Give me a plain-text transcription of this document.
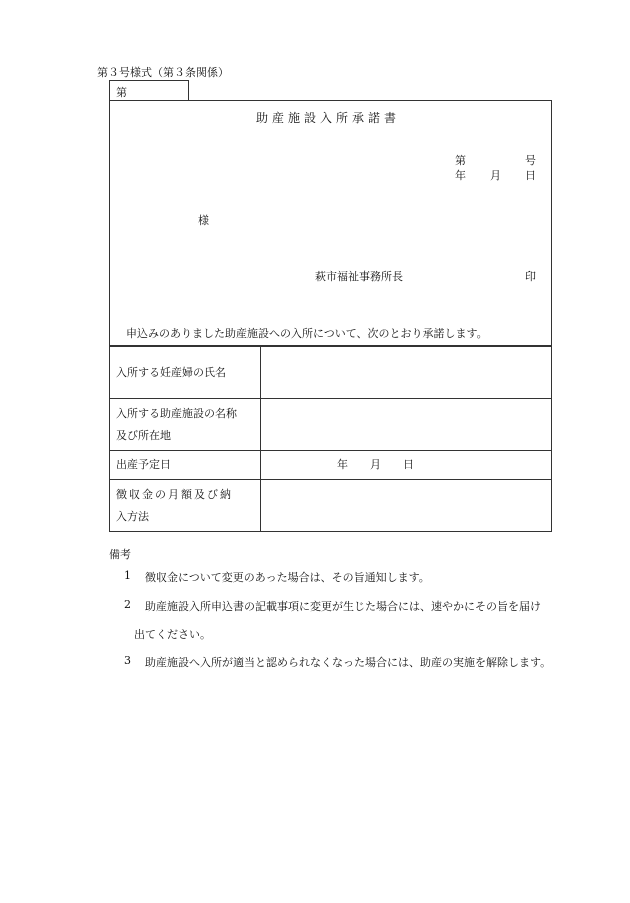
第３号様式（第３条関係）
第
助産施設入所承諾書
第	号
年 月 日
様
萩市福祉事務所長	印
申込みのありました助産施設への入所について、次のとおり承諾します。
入所する妊産婦の氏名	

入所する助産施設の名称
及び所在地	

出産予定日	年　　月　　日

徴収金の月額及び納
入方法	

備考
1 徴収金について変更のあった場合は、その旨通知します。
2 助産施設入所申込書の記載事項に変更が生じた場合には、速やかにその旨を届け
出てください。
3 助産施設へ入所が適当と認められなくなった場合には、助産の実施を解除します。
